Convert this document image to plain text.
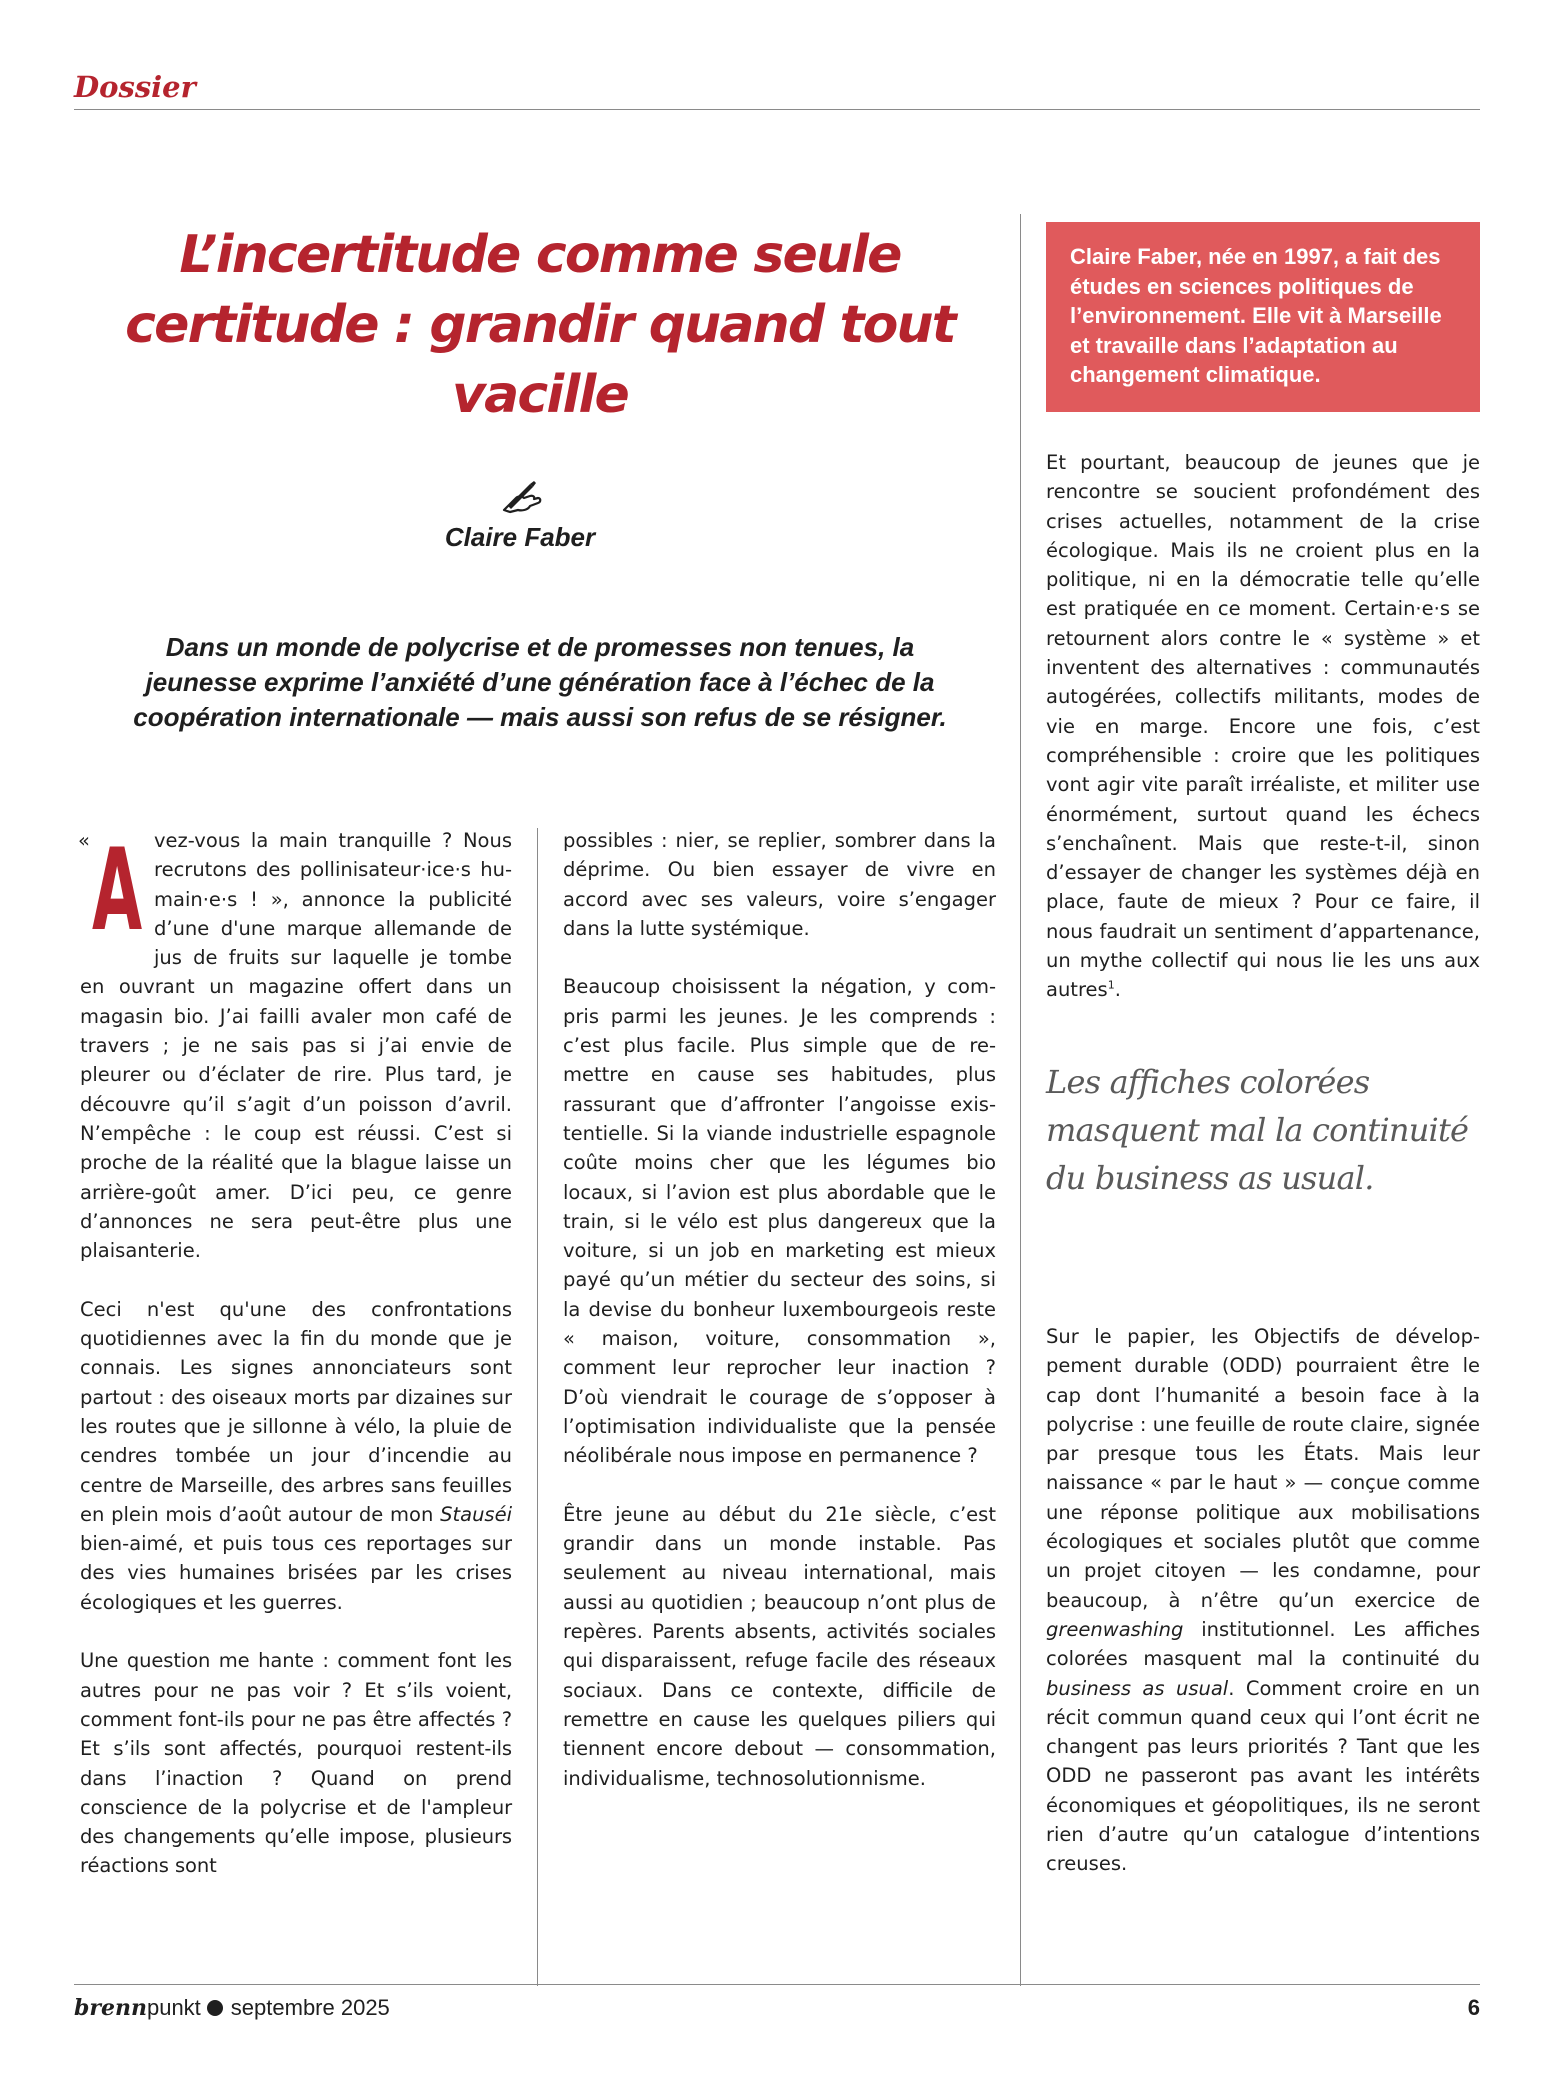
Dossier
L’incertitude comme seule certitude : grandir quand tout vacille
Claire Faber

Dans un monde de polycrise et de promesses non tenues, la jeunesse exprime l’anxiété d’une génération face à l’échec de la coopération internationale — mais aussi son refus de se résigner.

« A vez-vous la main tranquille ? Nous recrutons des pollinisateur·ice·s humain·e·s ! », annonce la publicité d’une d'une marque allemande de jus de fruits sur laquelle je tombe en ouvrant un magazine offert dans un magasin bio. J’ai failli avaler mon café de travers ; je ne sais pas si j’ai envie de pleurer ou d’éclater de rire. Plus tard, je découvre qu’il s’agit d’un poisson d’avril. N’empêche : le coup est réussi. C’est si proche de la réalité que la blague laisse un arrière-goût amer. D’ici peu, ce genre d’annonces ne sera peut-être plus une plaisanterie.

Ceci n'est qu'une des confrontations quotidiennes avec la fin du monde que je connais. Les signes annonciateurs sont partout : des oiseaux morts par dizaines sur les routes que je sillonne à vélo, la pluie de cendres tombée un jour d’incendie au centre de Marseille, des arbres sans feuilles en plein mois d’août autour de mon Stauséi bien-aimé, et puis tous ces reportages sur des vies humaines brisées par les crises écologiques et les guerres.

Une question me hante : comment font les autres pour ne pas voir ? Et s’ils voient, comment font-ils pour ne pas être affectés ? Et s’ils sont affectés, pourquoi restent-ils dans l’inaction ? Quand on prend conscience de la polycrise et de l'ampleur des changements qu’elle impose, plusieurs réactions sont

possibles : nier, se replier, sombrer dans la déprime. Ou bien essayer de vivre en accord avec ses valeurs, voire s’engager dans la lutte systémique.

Beaucoup choisissent la négation, y compris parmi les jeunes. Je les comprends : c’est plus facile. Plus simple que de remettre en cause ses habitudes, plus rassurant que d’affronter l’angoisse existentielle. Si la viande industrielle espagnole coûte moins cher que les légumes bio locaux, si l’avion est plus abordable que le train, si le vélo est plus dangereux que la voiture, si un job en marketing est mieux payé qu’un métier du secteur des soins, si la devise du bonheur luxembourgeois reste « maison, voiture, consommation », comment leur reprocher leur inaction ? D’où viendrait le courage de s’opposer à l’optimisation individualiste que la pensée néolibérale nous impose en permanence ?

Être jeune au début du 21e siècle, c’est grandir dans un monde instable. Pas seulement au niveau international, mais aussi au quotidien ; beaucoup n’ont plus de repères. Parents absents, activités sociales qui disparaissent, refuge facile des réseaux sociaux. Dans ce contexte, difficile de remettre en cause les quelques piliers qui tiennent encore debout — consommation, individualisme, technosolutionnisme.

Claire Faber, née en 1997, a fait des études en sciences politiques de l’environnement. Elle vit à Marseille et travaille dans l’adaptation au changement climatique.

Et pourtant, beaucoup de jeunes que je rencontre se soucient profondément des crises actuelles, notamment de la crise écologique. Mais ils ne croient plus en la politique, ni en la démocratie telle qu’elle est pratiquée en ce moment. Certain·e·s se retournent alors contre le « système » et inventent des alternatives : communautés autogérées, collectifs militants, modes de vie en marge. Encore une fois, c’est compréhensible : croire que les politiques vont agir vite paraît irréaliste, et militer use énormément, surtout quand les échecs s’enchaînent. Mais que reste-t-il, sinon d’essayer de changer les systèmes déjà en place, faute de mieux ? Pour ce faire, il nous faudrait un sentiment d’appartenance, un mythe collectif qui nous lie les uns aux autres$^1$.

Les affiches colorées masquent mal la continuité du business as usual.

Sur le papier, les Objectifs de développement durable (ODD) pourraient être le cap dont l’humanité a besoin face à la polycrise : une feuille de route claire, signée par presque tous les États. Mais leur naissance « par le haut » — conçue comme une réponse politique aux mobilisations écologiques et sociales plutôt que comme un projet citoyen — les condamne, pour beaucoup, à n’être qu’un exercice de greenwashing institutionnel. Les affiches colorées masquent mal la continuité du business as usual. Comment croire en un récit commun quand ceux qui l’ont écrit ne changent pas leurs priorités ? Tant que les ODD ne passeront pas avant les intérêts économiques et géopolitiques, ils ne seront rien d’autre qu’un catalogue d’intentions creuses.

brennpunkt septembre 2025	6
